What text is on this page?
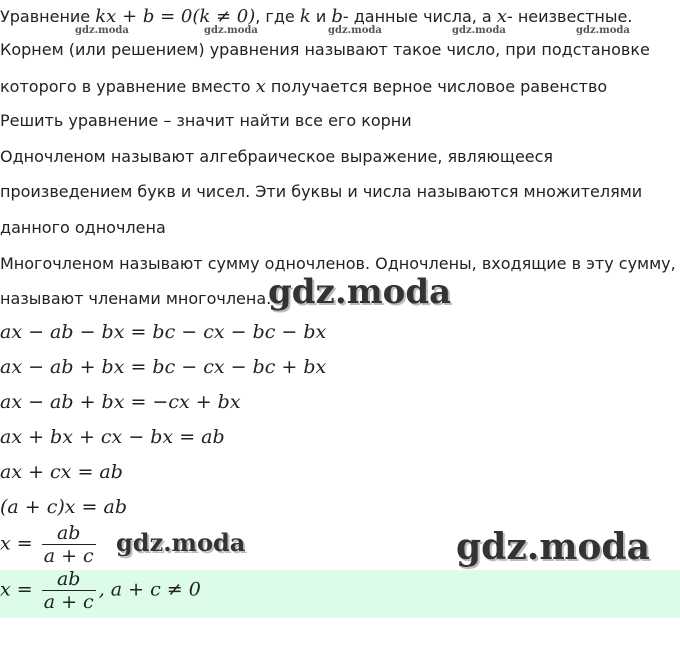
gdz.moda	gdz.moda	gdz.moda	gdz.moda	gdz.moda
Уравнение kx + b = 0(k ≠ 0), где k и b- данные числа, а x- неизвестные.
Корнем (или решением) уравнения называют такое число, при подстановке
которого в уравнение вместо x получается верное числовое равенство
Решить уравнение – значит найти все его корни
Одночленом называют алгебраическое выражение, являющееся
произведением букв и чисел. Эти буквы и числа называются множителями
данного одночлена
Многочленом называют сумму одночленов. Одночлены, входящие в эту сумму,
называют членами многочлена.
gdz.moda
ax − ab − bx = bc − cx − bc − bx
ax − ab + bx = bc − cx − bc + bx
ax − ab + bx = −cx + bx
ax + bx + cx − bx = ab
ax + cx = ab
(a + c)x = ab
$x = \frac{ab}{a + c}$ gdz.moda	gdz.moda
$x = \frac{ab}{a + c}$ , a + c ≠ 0
